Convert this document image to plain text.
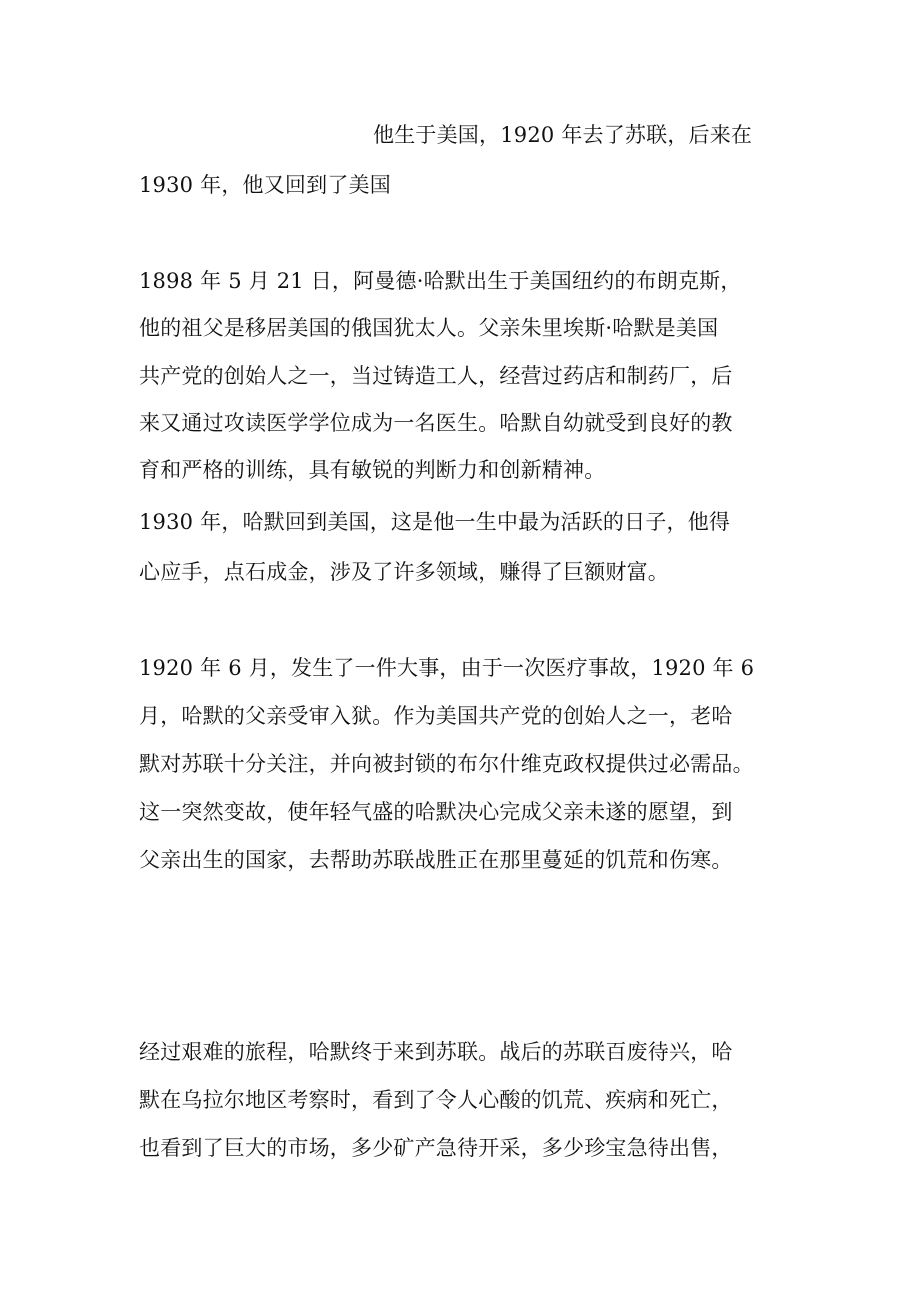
他生于美国，1920 年去了苏联，后来在
1930 年，他又回到了美国
1898 年 5 月 21 日，阿曼德·哈默出生于美国纽约的布朗克斯，
他的祖父是移居美国的俄国犹太人。父亲朱里埃斯·哈默是美国
共产党的创始人之一，当过铸造工人，经营过药店和制药厂，后
来又通过攻读医学学位成为一名医生。哈默自幼就受到良好的教
育和严格的训练，具有敏锐的判断力和创新精神。
1930 年，哈默回到美国，这是他一生中最为活跃的日子，他得
心应手，点石成金，涉及了许多领域，赚得了巨额财富。
1920 年 6 月，发生了一件大事，由于一次医疗事故，1920 年 6
月，哈默的父亲受审入狱。作为美国共产党的创始人之一，老哈
默对苏联十分关注，并向被封锁的布尔什维克政权提供过必需品。
这一突然变故，使年轻气盛的哈默决心完成父亲未遂的愿望，到
父亲出生的国家，去帮助苏联战胜正在那里蔓延的饥荒和伤寒。
经过艰难的旅程，哈默终于来到苏联。战后的苏联百废待兴，哈
默在乌拉尔地区考察时，看到了令人心酸的饥荒、疾病和死亡，
也看到了巨大的市场，多少矿产急待开采，多少珍宝急待出售，
